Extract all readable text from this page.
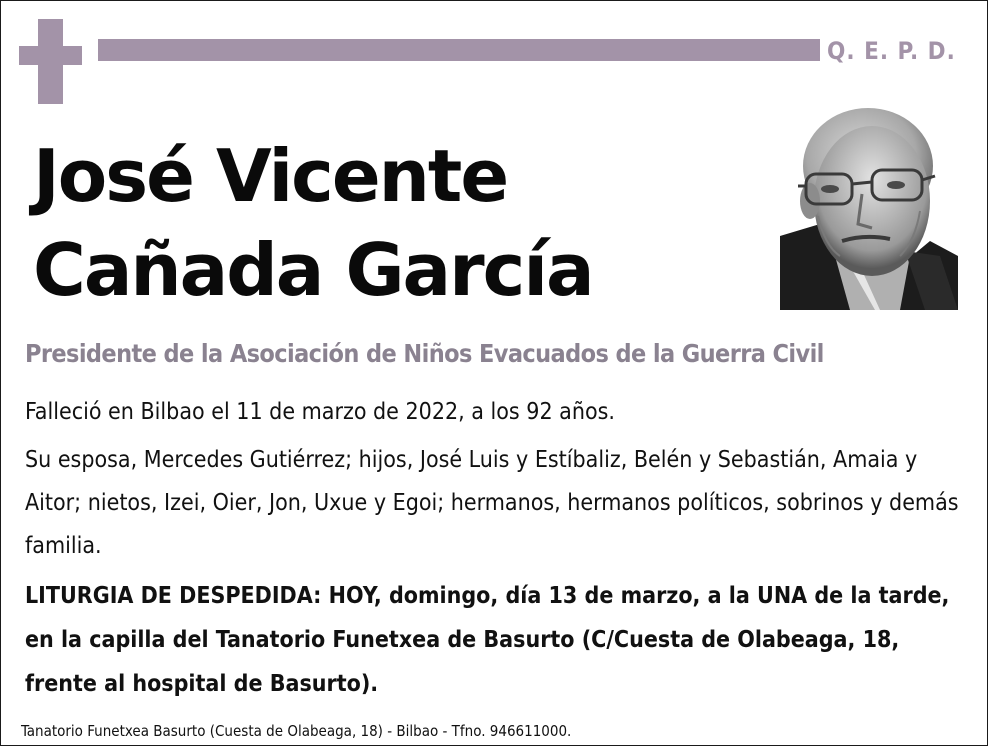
Q. E. P. D.
José Vicente
Cañada García

Presidente de la Asociación de Niños Evacuados de la Guerra Civil

Falleció en Bilbao el 11 de marzo de 2022, a los 92 años.

Su esposa, Mercedes Gutiérrez; hijos, José Luis y Estíbaliz, Belén y Sebastián, Amaia y Aitor; nietos, Izei, Oier, Jon, Uxue y Egoi; hermanos, hermanos políticos, sobrinos y demás familia.

LITURGIA DE DESPEDIDA: HOY, domingo, día 13 de marzo, a la UNA de la tarde, en la capilla del Tanatorio Funetxea de Basurto (C/Cuesta de Olabeaga, 18, frente al hospital de Basurto).

Tanatorio Funetxea Basurto (Cuesta de Olabeaga, 18) - Bilbao - Tfno. 946611000.
